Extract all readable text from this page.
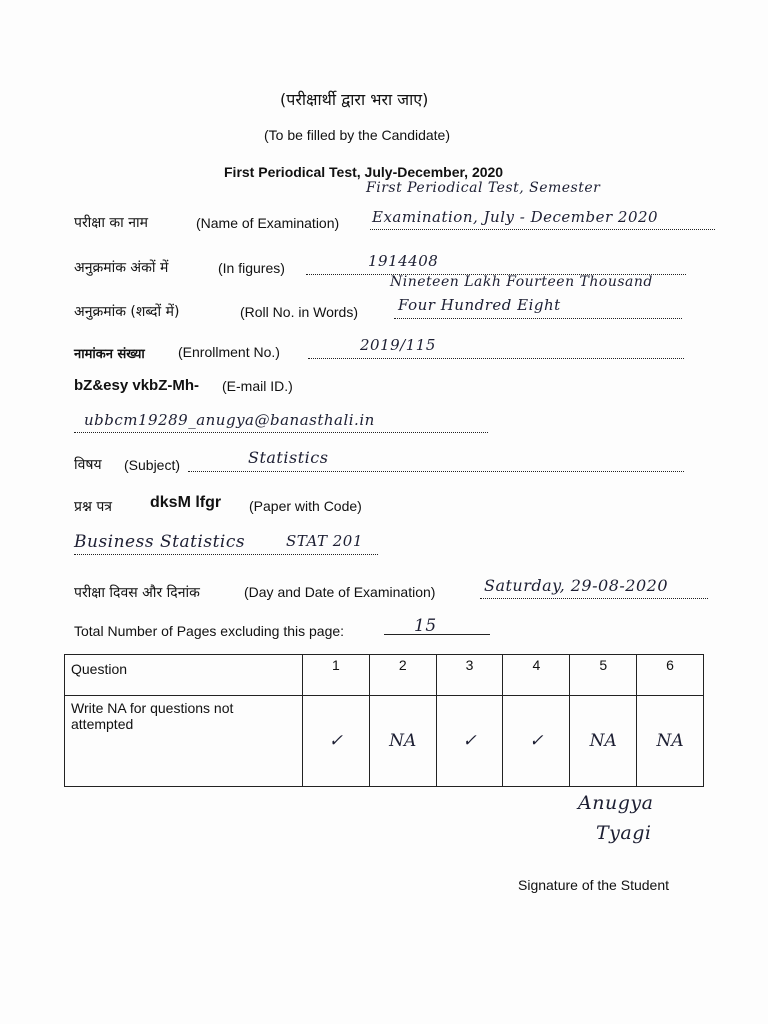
(परीक्षार्थी द्वारा भरा जाए)
(To be filled by the Candidate)
First Periodical Test, July-December, 2020
First Periodical Test, Semester
परीक्षा का नाम	(Name of Examination) Examination, July - December 2020
अनुक्रमांक अंकों में	(In figures)	1914408
Nineteen Lakh Fourteen Thousand
अनुक्रमांक (शब्दों में)	(Roll No. in Words)	Four Hundred Eight
नामांकन संख्या (Enrollment No.)	2019/115
bZ&esy vkbZ-Mh- (E-mail ID.)
ubbcm19289_anugya@banasthali.in
विषय (Subject)	Statistics
प्रश्न पत्र dksM lfgr (Paper with Code)
Business Statistics	STAT 201
परीक्षा दिवस और दिनांक	(Day and Date of Examination)	Saturday, 29-08-2020
Total Number of Pages excluding this page:	15
Question	1	2	3	4	5	6
Write NA for questions not attempted	✓	NA	✓	✓	NA	NA
Anugya
Tyagi
Signature of the Student
